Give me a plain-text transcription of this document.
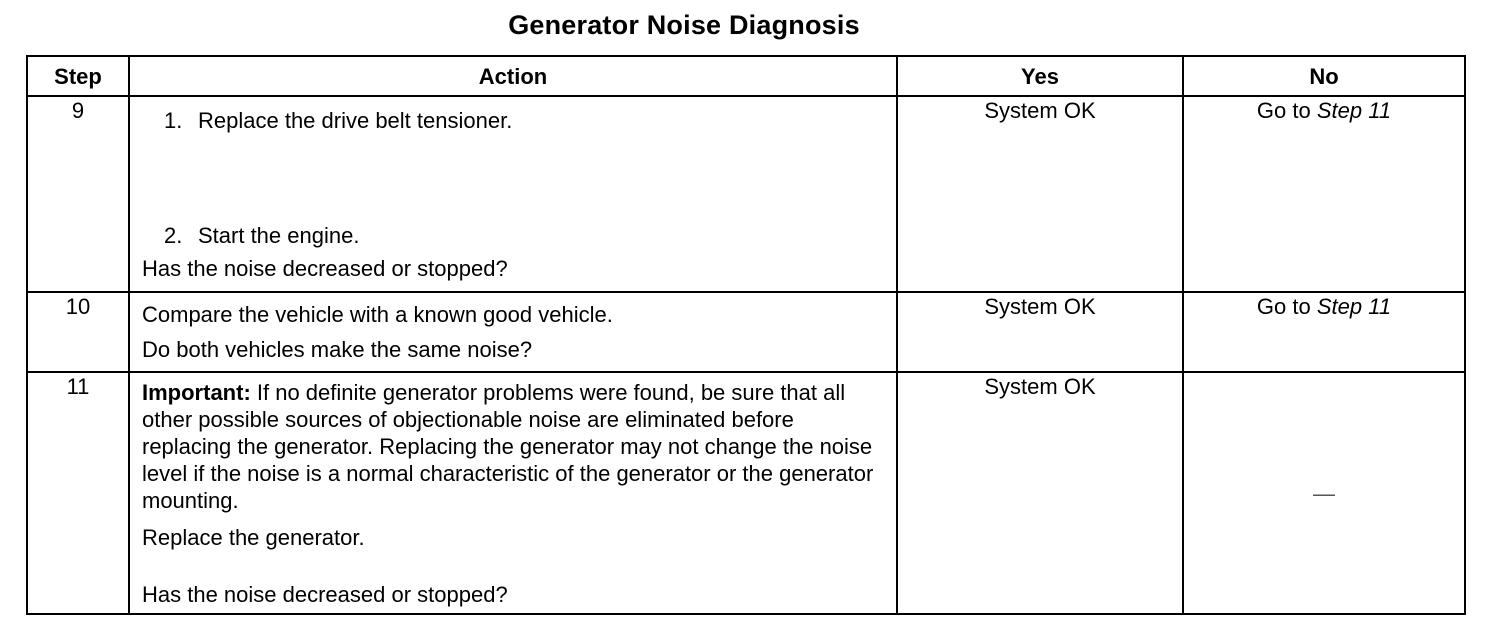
Generator Noise Diagnosis
Step	Action	Yes	No
9	1. Replace the drive belt tensioner.
2. Start the engine.
Has the noise decreased or stopped?	System OK	Go to Step 11

10	Compare the vehicle with a known good vehicle.
Do both vehicles make the same noise?	System OK	Go to Step 11

11	Important: If no definite generator problems were found, be sure that all other possible sources of objectionable noise are eliminated before replacing the generator. Replacing the generator may not change the noise level if the noise is a normal characteristic of the generator or the generator mounting.
Replace the generator.
Has the noise decreased or stopped?	System OK	—
